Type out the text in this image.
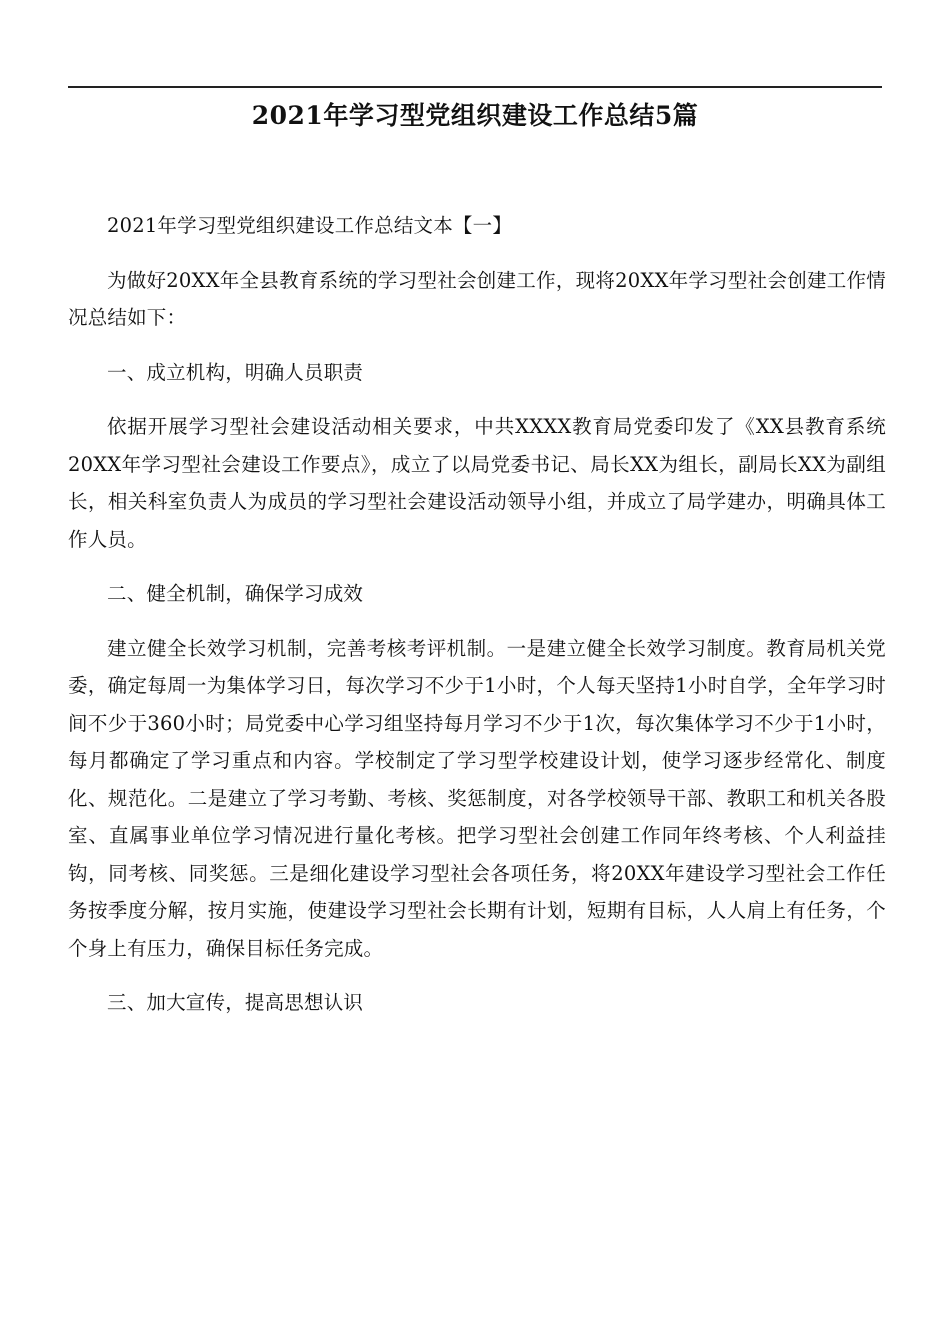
2021年学习型党组织建设工作总结5篇

2021年学习型党组织建设工作总结文本【一】

为做好20XX年全县教育系统的学习型社会创建工作，现将20XX年学习型社会创建工作情况总结如下：

一、成立机构，明确人员职责

依据开展学习型社会建设活动相关要求，中共XXXX教育局党委印发了《XX县教育系统20XX年学习型社会建设工作要点》，成立了以局党委书记、局长XX为组长，副局长XX为副组长，相关科室负责人为成员的学习型社会建设活动领导小组，并成立了局学建办，明确具体工作人员。

二、健全机制，确保学习成效

建立健全长效学习机制，完善考核考评机制。一是建立健全长效学习制度。教育局机关党委，确定每周一为集体学习日，每次学习不少于1小时，个人每天坚持1小时自学，全年学习时间不少于360小时；局党委中心学习组坚持每月学习不少于1次，每次集体学习不少于1小时，每月都确定了学习重点和内容。学校制定了学习型学校建设计划，使学习逐步经常化、制度化、规范化。二是建立了学习考勤、考核、奖惩制度，对各学校领导干部、教职工和机关各股室、直属事业单位学习情况进行量化考核。把学习型社会创建工作同年终考核、个人利益挂钩，同考核、同奖惩。三是细化建设学习型社会各项任务，将20XX年建设学习型社会工作任务按季度分解，按月实施，使建设学习型社会长期有计划，短期有目标，人人肩上有任务，个个身上有压力，确保目标任务完成。

三、加大宣传，提高思想认识
